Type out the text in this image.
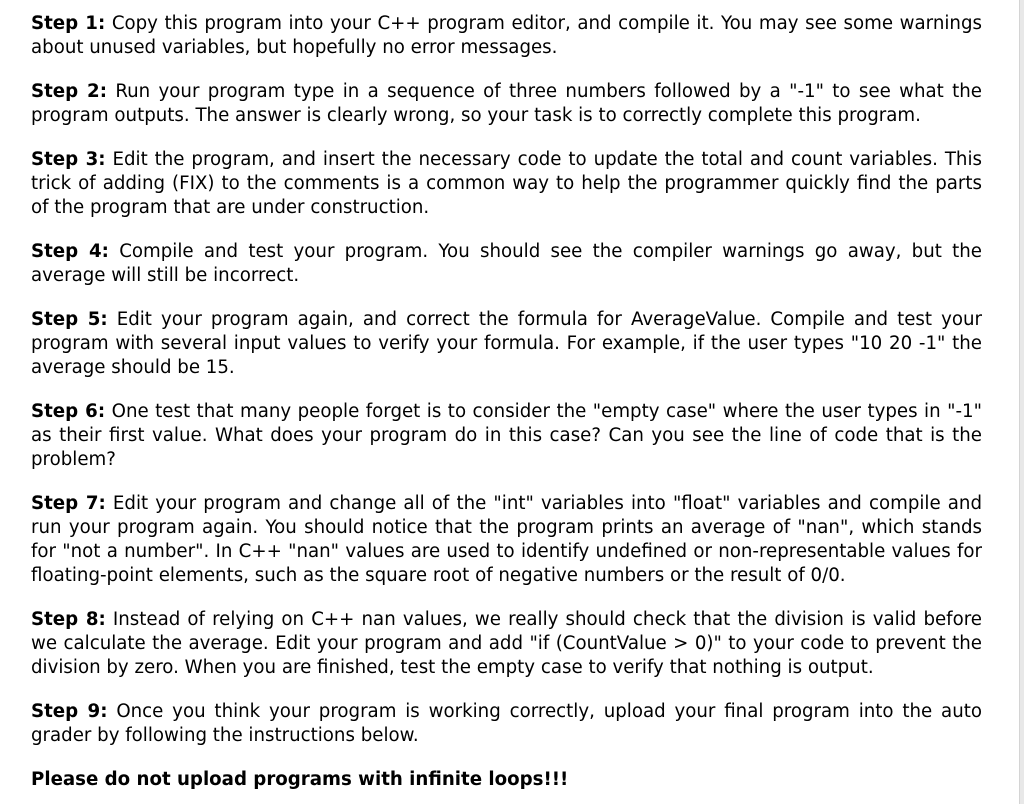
Step 1: Copy this program into your C++ program editor, and compile it. You may see some warnings about unused variables, but hopefully no error messages.

Step 2: Run your program type in a sequence of three numbers followed by a "-1" to see what the program outputs. The answer is clearly wrong, so your task is to correctly complete this program.

Step 3: Edit the program, and insert the necessary code to update the total and count variables. This trick of adding (FIX) to the comments is a common way to help the programmer quickly find the parts of the program that are under construction.

Step 4: Compile and test your program. You should see the compiler warnings go away, but the average will still be incorrect.

Step 5: Edit your program again, and correct the formula for AverageValue. Compile and test your program with several input values to verify your formula. For example, if the user types "10 20 -1" the average should be 15.

Step 6: One test that many people forget is to consider the "empty case" where the user types in "-1" as their first value. What does your program do in this case? Can you see the line of code that is the problem?

Step 7: Edit your program and change all of the "int" variables into "float" variables and compile and run your program again. You should notice that the program prints an average of "nan", which stands for "not a number". In C++ "nan" values are used to identify undefined or non-representable values for floating-point elements, such as the square root of negative numbers or the result of 0/0.

Step 8: Instead of relying on C++ nan values, we really should check that the division is valid before we calculate the average. Edit your program and add "if (CountValue > 0)" to your code to prevent the division by zero. When you are finished, test the empty case to verify that nothing is output.

Step 9: Once you think your program is working correctly, upload your final program into the auto grader by following the instructions below.

Please do not upload programs with infinite loops!!!
